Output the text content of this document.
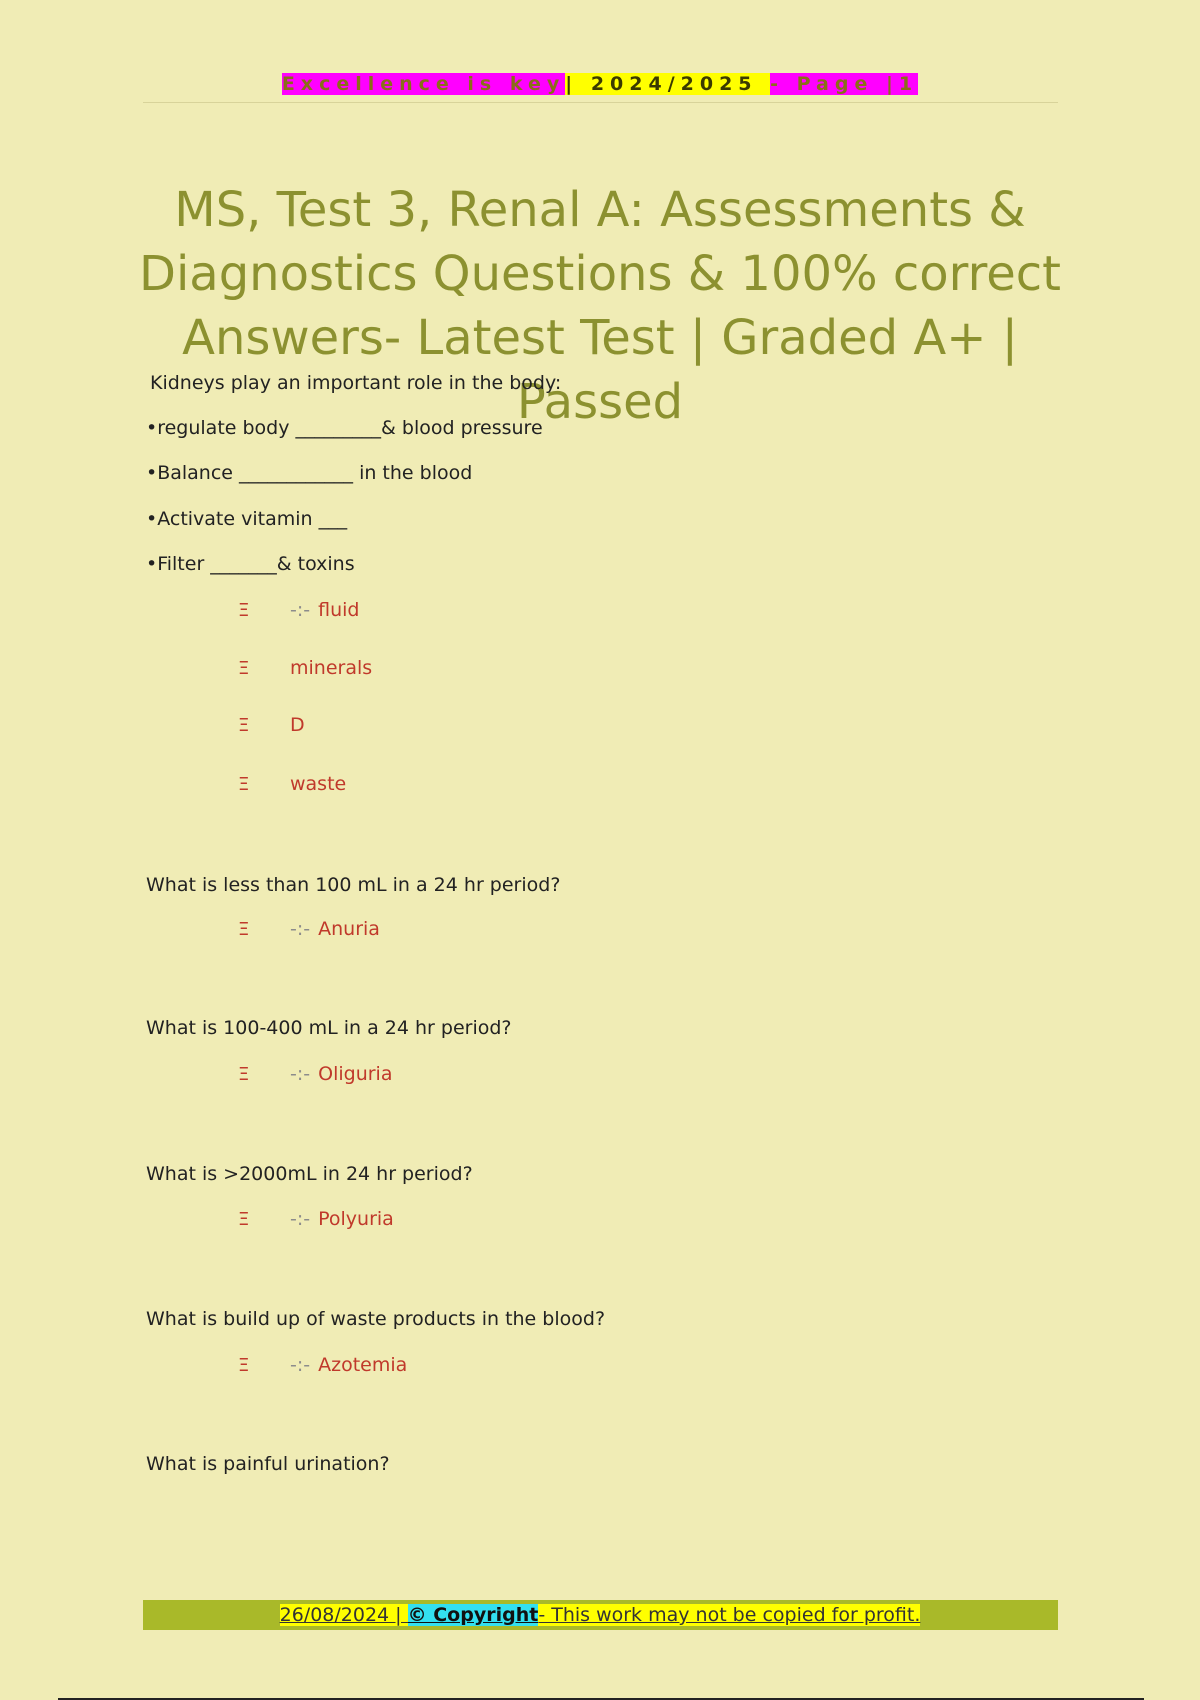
Excellence is key| 2024/2025 - Page |1
MS, Test 3, Renal A: Assessments & Diagnostics Questions & 100% correct Answers- Latest Test | Graded A+ | Passed
Kidneys play an important role in the body:
•regulate body _________& blood pressure
•Balance ____________ in the blood
•Activate vitamin ___
•Filter _______& toxins
Ξ -:- fluid
Ξ minerals
Ξ D
Ξ waste
What is less than 100 mL in a 24 hr period?
Ξ -:- Anuria
What is 100-400 mL in a 24 hr period?
Ξ -:- Oliguria
What is >2000mL in 24 hr period?
Ξ -:- Polyuria
What is build up of waste products in the blood?
Ξ -:- Azotemia
What is painful urination?
26/08/2024 | © Copyright- This work may not be copied for profit.
